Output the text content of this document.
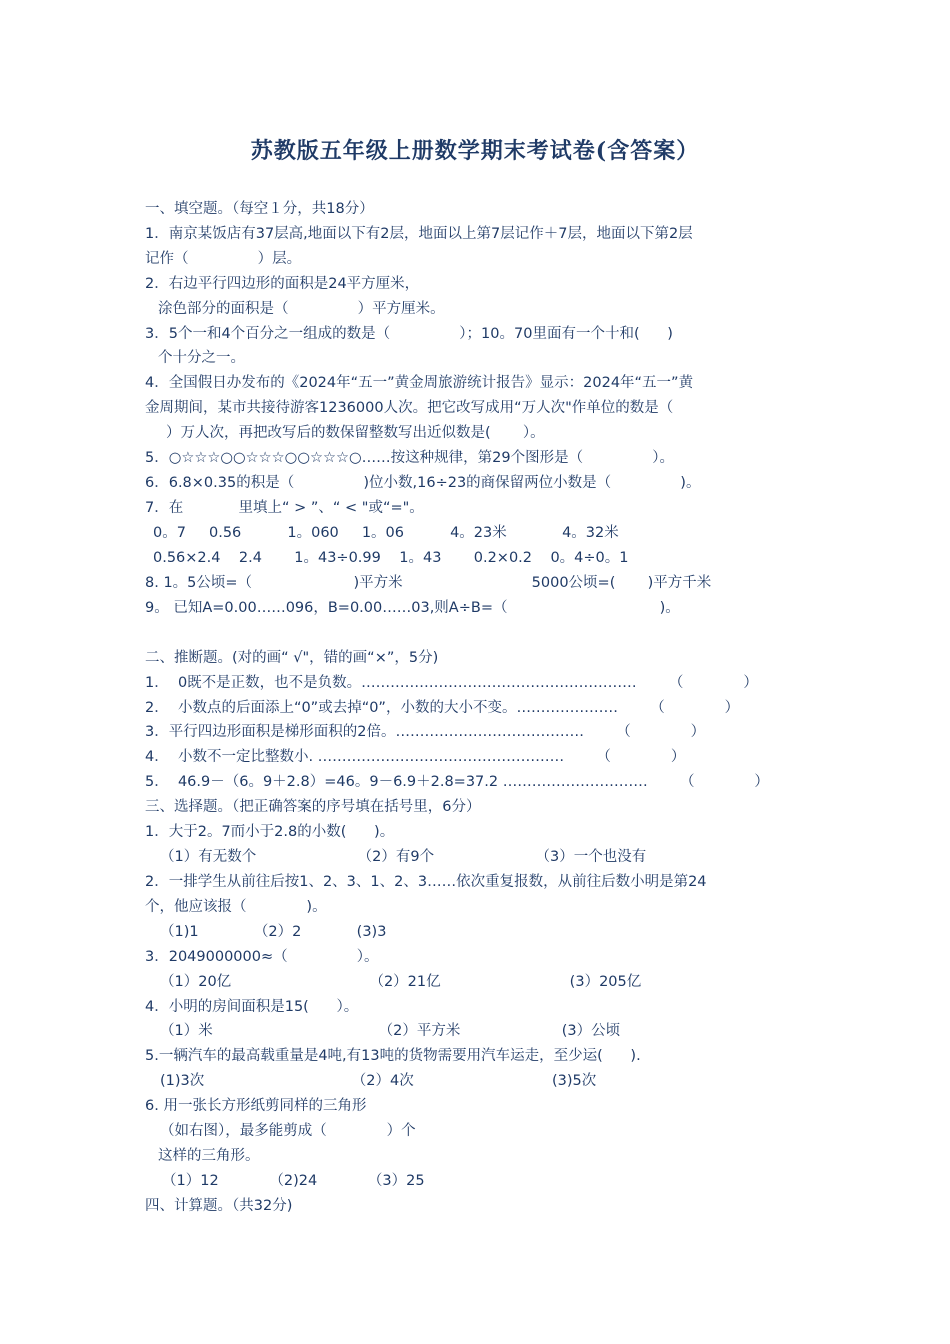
苏教版五年级上册数学期末考试卷(含答案）
一、填空题。（每空１分，共18分）
1．南京某饭店有37层高,地面以下有2层，地面以上第7层记作＋7层，地面以下第2层
记作（               ）层。
2．右边平行四边形的面积是24平方厘米，
涂色部分的面积是（               ）平方厘米。
3．5个一和4个百分之一组成的数是（               ）；10。70里面有一个十和(      )
个十分之一。
4．全国假日办发布的《2024年“五一”黄金周旅游统计报告》显示：2024年“五一”黄
金周期间，某市共接待游客1236000人次。把它改写成用“万人次"作单位的数是（
）万人次，再把改写后的数保留整数写出近似数是(       ）。
5．○☆☆☆○○☆☆☆○○☆☆☆○……按这种规律，第29个图形是（               ）。
6．6.8×0.35的积是（               )位小数,16÷23的商保留两位小数是（               )。
7．在            里填上“ > ”、“ < "或“="。
0。7     0.56          1。060     1。06          4。23米            4。32米
0.56×2.4    2.4       1。43÷0.99    1。43       0.2×0.2    0。4÷0。1
8. 1。5公顷=（                      )平方米                            5000公顷=(       )平方千米
9。 已知A=0.00……096，B=0.00……03,则A÷B=（                                 )。
二、推断题。(对的画“ √"，错的画“×”，5分)
1．  0既不是正数，也不是负数。…………………………………………………       （             ）
2．  小数点的后面添上“0”或去掉“0”，小数的大小不变。…………………       （             ）
3．平行四边形面积是梯形面积的2倍。…………………………………       （             ）
4．  小数不一定比整数小. ……………………………………………       （             ）
5．  46.9－（6。9＋2.8）=46。9－6.9＋2.8=37.2 …………………………       （             ）
三、选择题。（把正确答案的序号填在括号里，6分）
1．大于2。7而小于2.8的小数(      )。
（1）有无数个                      （2）有9个                      （3）一个也没有
2．一排学生从前往后按1、2、3、1、2、3……依次重复报数，从前往后数小明是第24
个，他应该报（             )。
（1)1            （2）2            (3)3
3．2049000000≈（               ）。
（1）20亿                              （2）21亿                            (3）205亿
4．小明的房间面积是15(      ）。
（1）米                                    （2）平方米                      (3）公顷
5.一辆汽车的最高载重量是4吨,有13吨的货物需要用汽车运走，至少运(      ).
(1)3次                                （2）4次                              (3)5次
6. 用一张长方形纸剪同样的三角形
（如右图），最多能剪成（             ）个
这样的三角形。
（1）12           （2)24           （3）25
四、计算题。（共32分)
